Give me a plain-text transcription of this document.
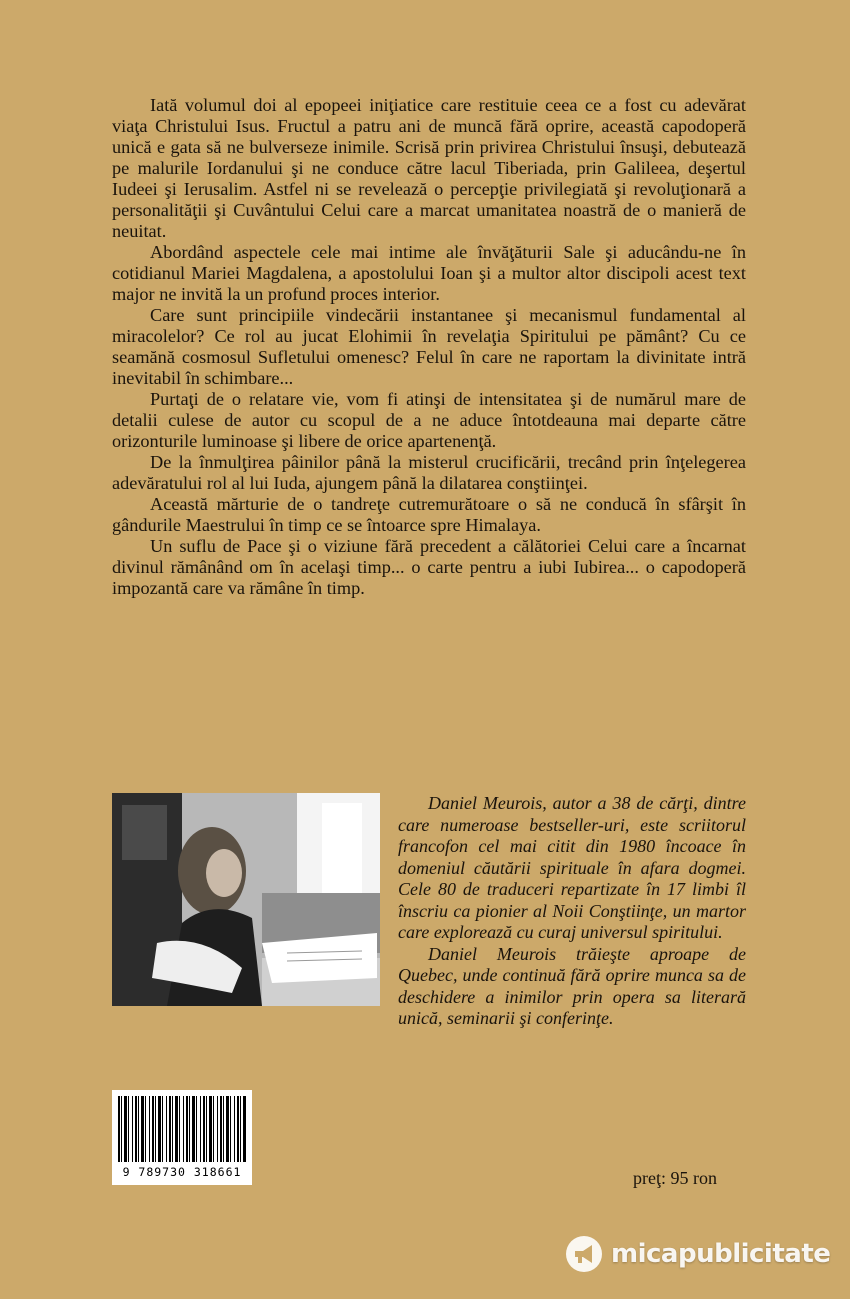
Iată volumul doi al epopeei iniţiatice care restituie ceea ce a fost cu adevărat viaţa Christului Isus. Fructul a patru ani de muncă fără oprire, această capodoperă unică e gata să ne bulverseze inimile. Scrisă prin privirea Christului însuşi, debutează pe malurile Iordanului şi ne conduce către lacul Tiberiada, prin Galileea, deşertul Iudeei şi Ierusalim. Astfel ni se revelează o percepţie privilegiată şi revoluţionară a personalităţii şi Cuvântului Celui care a marcat umanitatea noastră de o manieră de neuitat.

Abordând aspectele cele mai intime ale învăţăturii Sale şi aducându-ne în cotidianul Mariei Magdalena, a apostolului Ioan şi a multor altor discipoli acest text major ne invită la un profund proces interior.

Care sunt principiile vindecării instantanee şi mecanismul fundamental al miracolelor? Ce rol au jucat Elohimii în revelaţia Spiritului pe pământ? Cu ce seamănă cosmosul Sufletului omenesc? Felul în care ne raportam la divinitate intră inevitabil în schimbare...

Purtaţi de o relatare vie, vom fi atinşi de intensitatea şi de numărul mare de detalii culese de autor cu scopul de a ne aduce întotdeauna mai departe către orizonturile luminoase şi libere de orice apartenenţă.

De la înmulţirea pâinilor până la misterul crucificării, trecând prin înţelegerea adevăratului rol al lui Iuda, ajungem până la dilatarea conştiinţei.

Această mărturie de o tandreţe cutremurătoare o să ne conducă în sfârşit în gândurile Maestrului în timp ce se întoarce spre Himalaya.

Un suflu de Pace şi o viziune fără precedent a călătoriei Celui care a încarnat divinul rămânând om în acelaşi timp... o carte pentru a iubi Iubirea... o capodoperă impozantă care va rămâne în timp.

Daniel Meurois, autor a 38 de cărţi, dintre care numeroase bestseller-uri, este scriitorul francofon cel mai citit din 1980 încoace în domeniul căutării spirituale în afara dogmei. Cele 80 de traduceri repartizate în 17 limbi îl înscriu ca pionier al Noii Conştiinţe, un martor care explorează cu curaj universul spiritului.

Daniel Meurois trăieşte aproape de Quebec, unde continuă fără oprire munca sa de deschidere a inimilor prin opera sa literară unică, seminarii şi conferinţe.

9 789730 318661	preţ: 95 ron
micapublicitate
